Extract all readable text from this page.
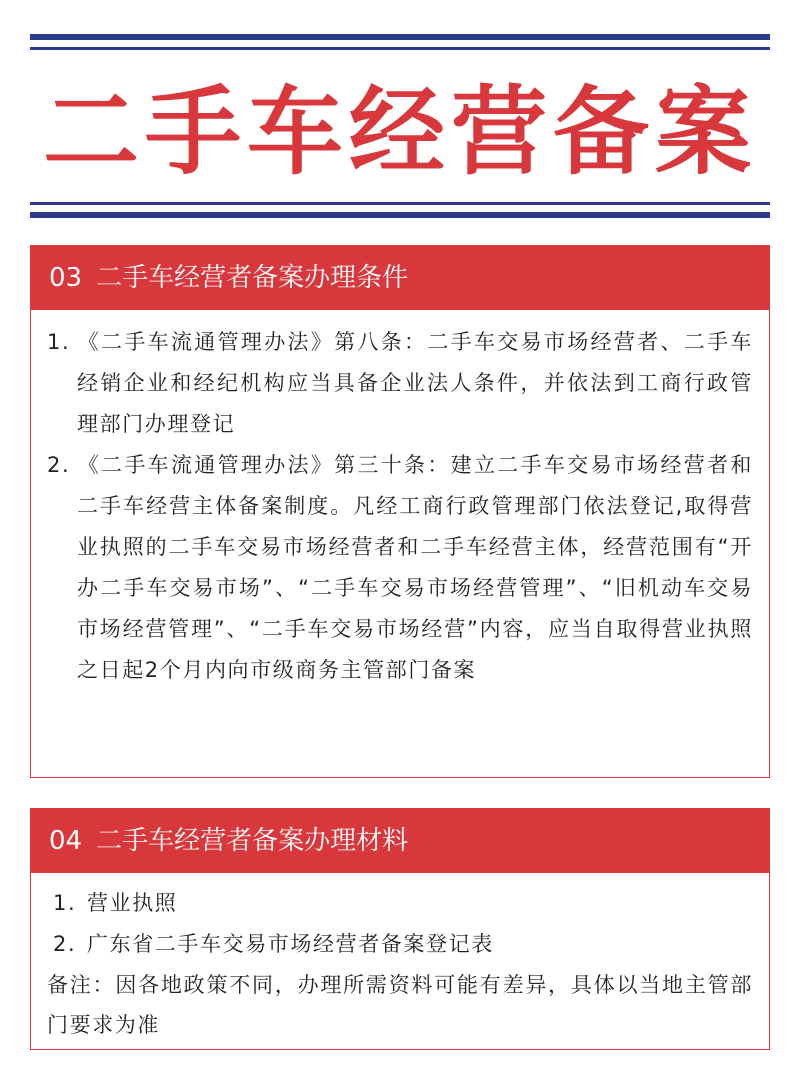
二手车经营备案
03 二手车经营者备案办理条件
1. 《二手车流通管理办法》第八条：二手车交易市场经营者、二手车经销企业和经纪机构应当具备企业法人条件，并依法到工商行政管理部门办理登记
2. 《二手车流通管理办法》第三十条：建立二手车交易市场经营者和二手车经营主体备案制度。凡经工商行政管理部门依法登记,取得营业执照的二手车交易市场经营者和二手车经营主体，经营范围有“开办二手车交易市场”、“二手车交易市场经营管理”、“旧机动车交易市场经营管理”、“二手车交易市场经营”内容，应当自取得营业执照之日起2个月内向市级商务主管部门备案
04 二手车经营者备案办理材料
1. 营业执照
2. 广东省二手车交易市场经营者备案登记表
备注：因各地政策不同，办理所需资料可能有差异，具体以当地主管部门要求为准
